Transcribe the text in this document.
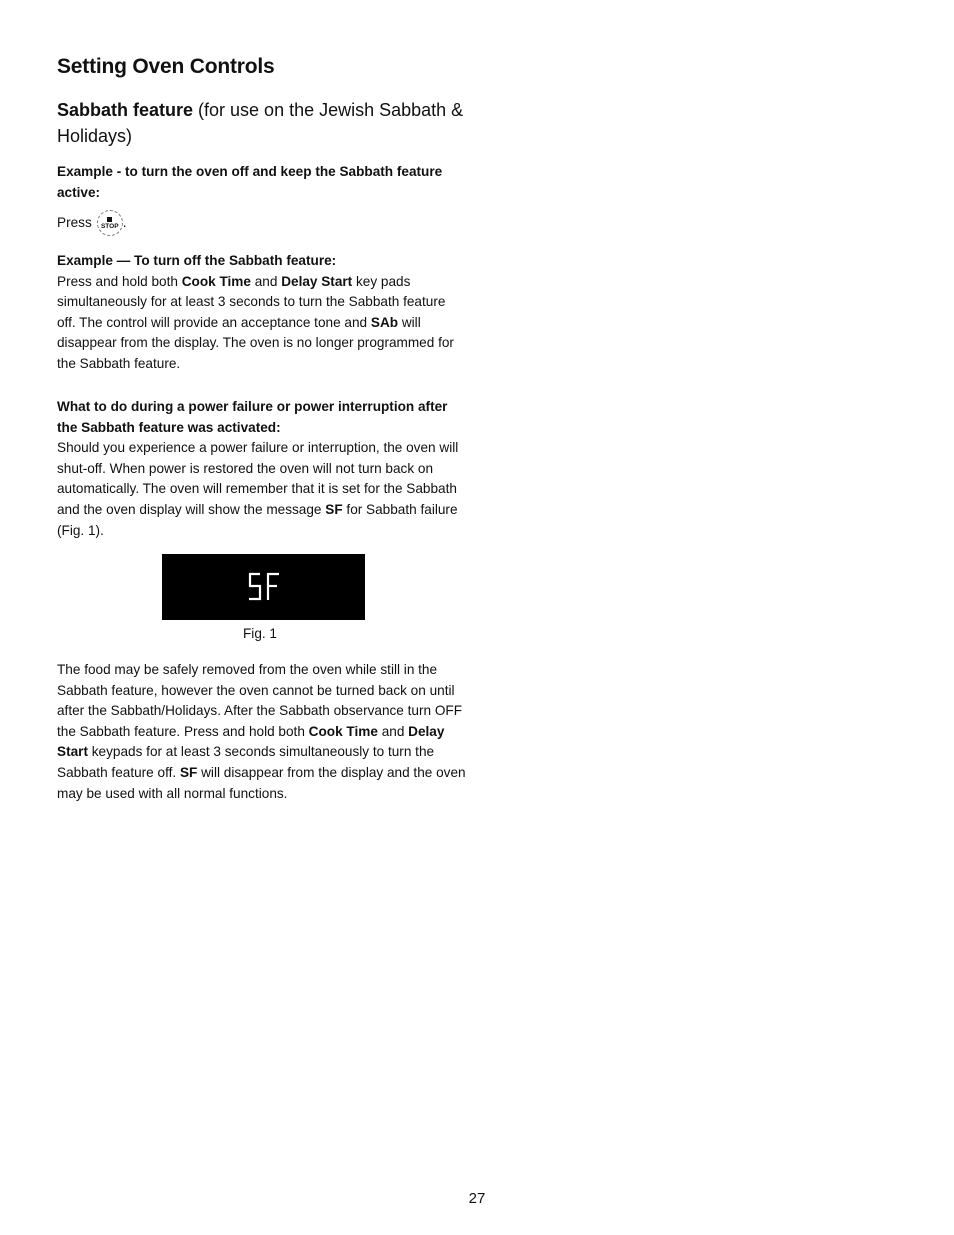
Setting Oven Controls
Sabbath feature (for use on the Jewish Sabbath & Holidays)

Example - to turn the oven off and keep the Sabbath feature active:

Press STOP .

Example — To turn off the Sabbath feature:

Press and hold both Cook Time and Delay Start key pads simultaneously for at least 3 seconds to turn the Sabbath feature off. The control will provide an acceptance tone and SAb will disappear from the display. The oven is no longer programmed for the Sabbath feature.

What to do during a power failure or power interruption after the Sabbath feature was activated:

Should you experience a power failure or interruption, the oven will shut-off. When power is restored the oven will not turn back on automatically. The oven will remember that it is set for the Sabbath and the oven display will show the message SF for Sabbath failure (Fig. 1).

Fig. 1

The food may be safely removed from the oven while still in the Sabbath feature, however the oven cannot be turned back on until after the Sabbath/Holidays. After the Sabbath observance turn OFF the Sabbath feature. Press and hold both Cook Time and Delay Start keypads for at least 3 seconds simultaneously to turn the Sabbath feature off. SF will disappear from the display and the oven may be used with all normal functions.

27
